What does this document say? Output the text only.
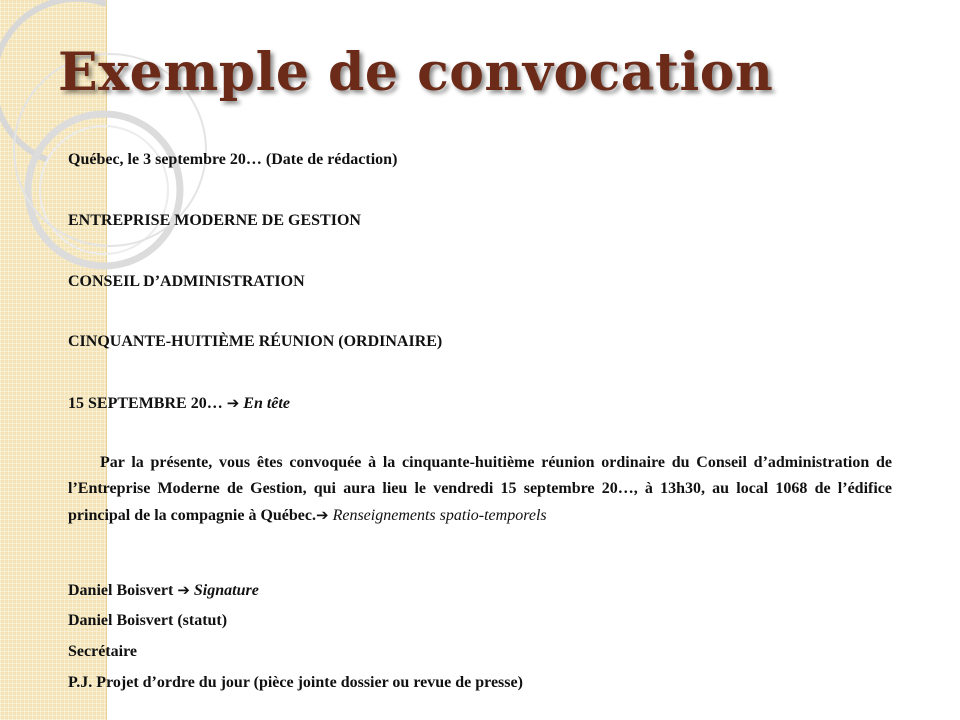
Exemple de convocation

Québec, le 3 septembre 20… (Date de rédaction)

ENTREPRISE MODERNE DE GESTION

CONSEIL D’ADMINISTRATION

CINQUANTE-HUITIÈME RÉUNION (ORDINAIRE)

15 SEPTEMBRE 20… ➔ En tête

Par la présente, vous êtes convoquée à la cinquante-huitième réunion ordinaire du Conseil d’administration de l’Entreprise Moderne de Gestion, qui aura lieu le vendredi 15 septembre 20…, à 13h30, au local 1068 de l’édifice principal de la compagnie à Québec.➔ Renseignements spatio-temporels

Daniel Boisvert ➔ Signature

Daniel Boisvert (statut)

Secrétaire

P.J. Projet d’ordre du jour (pièce jointe dossier ou revue de presse)
